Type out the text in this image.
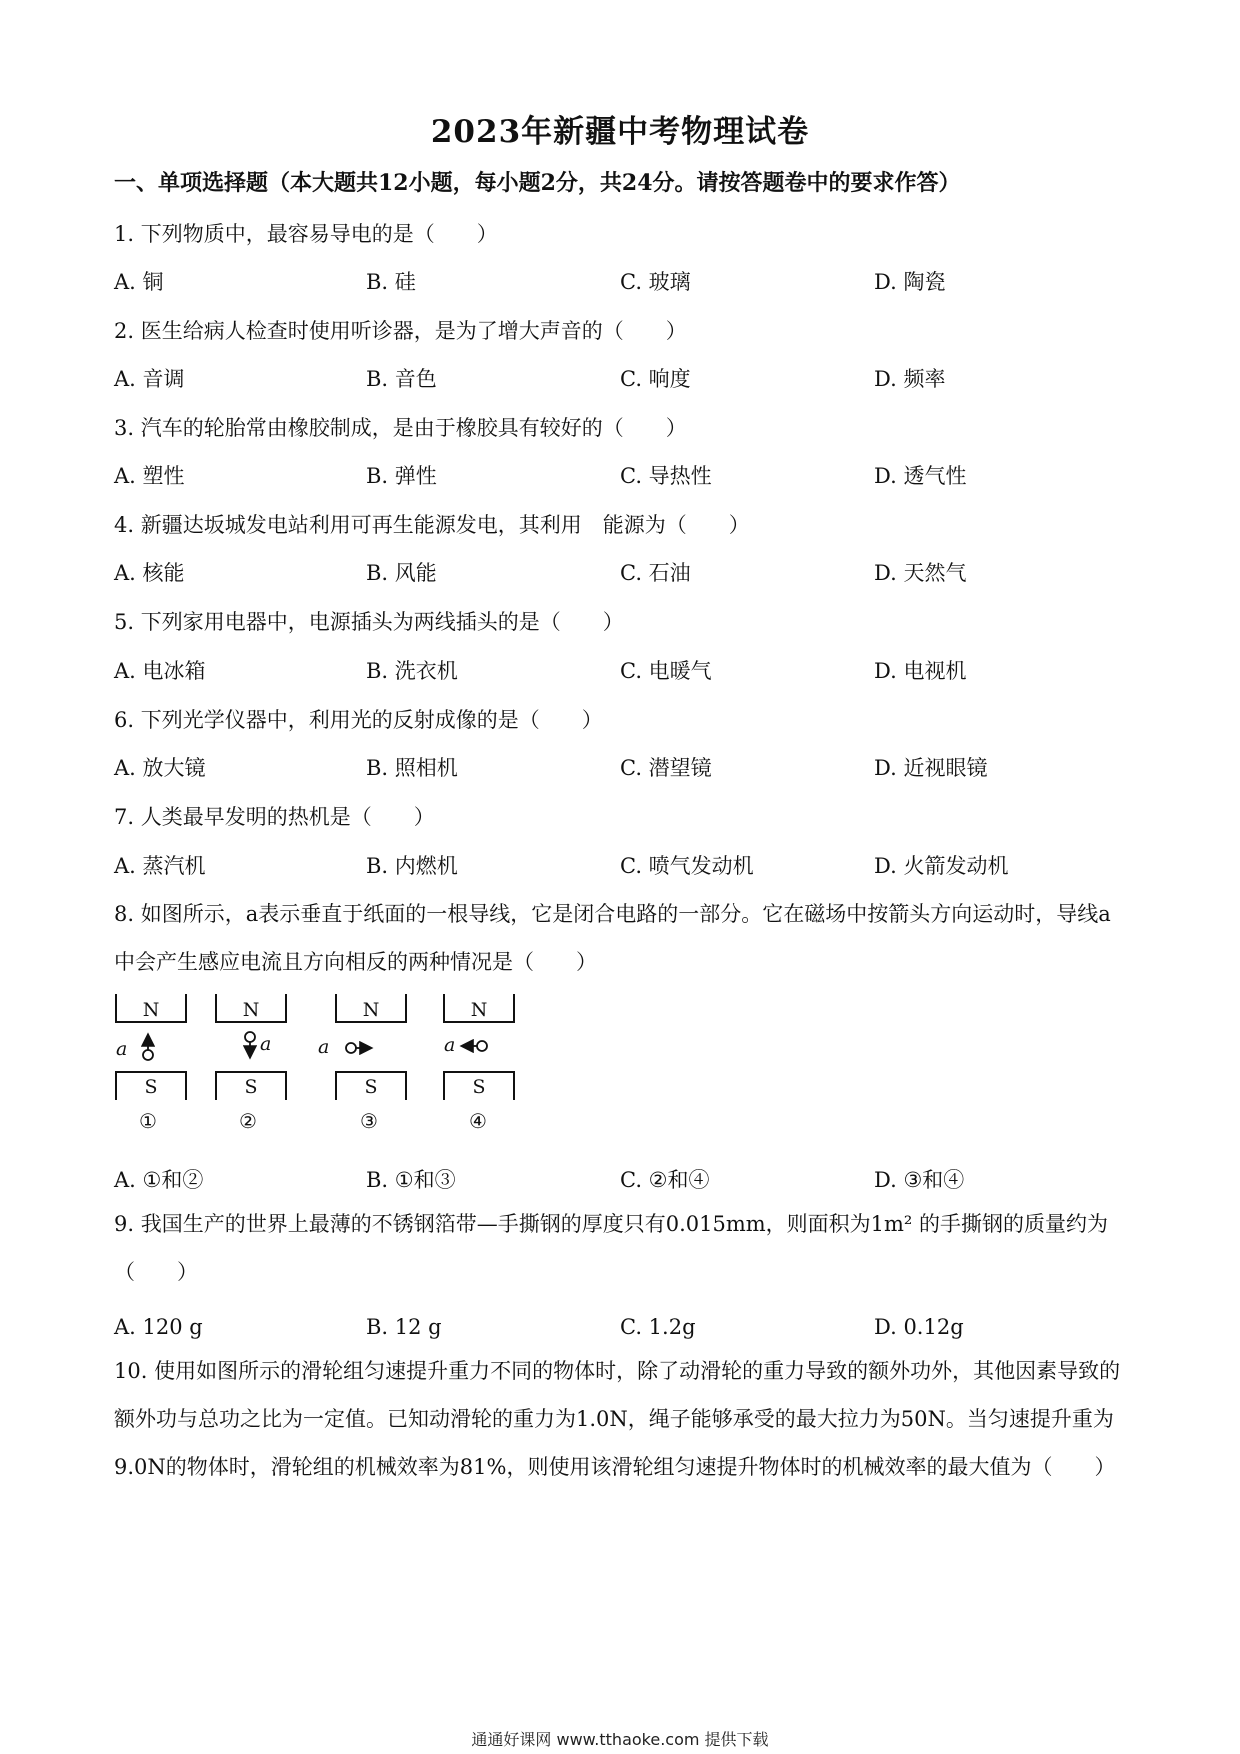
2023年新疆中考物理试卷
一、单项选择题（本大题共12小题，每小题2分，共24分。请按答题卷中的要求作答）
1. 下列物质中，最容易导电的是（　　）
A. 铜	B. 硅	C. 玻璃	D. 陶瓷
2. 医生给病人检查时使用听诊器，是为了增大声音的（　　）
A. 音调	B. 音色	C. 响度	D. 频率
3. 汽车的轮胎常由橡胶制成，是由于橡胶具有较好的（　　）
A. 塑性	B. 弹性	C. 导热性	D. 透气性
4. 新疆达坂城发电站利用可再生能源发电，其利用　能源为（　　）
A. 核能	B. 风能	C. 石油	D. 天然气
5. 下列家用电器中，电源插头为两线插头的是（　　）
A. 电冰箱	B. 洗衣机	C. 电暖气	D. 电视机
6. 下列光学仪器中，利用光的反射成像的是（　　）
A. 放大镜	B. 照相机	C. 潜望镜	D. 近视眼镜
7. 人类最早发明的热机是（　　）
A. 蒸汽机	B. 内燃机	C. 喷气发动机	D. 火箭发动机
8. 如图所示，a表示垂直于纸面的一根导线，它是闭合电路的一部分。它在磁场中按箭头方向运动时，导线a中会产生感应电流且方向相反的两种情况是（　　）
N	N	N	N
S	S	S	S
a	a a	a
①	②	③	④
A. ①和②	B. ①和③	C. ②和④	D. ③和④
9. 我国生产的世界上最薄的不锈钢箔带—手撕钢的厚度只有0.015mm，则面积为1m² 的手撕钢的质量约为（　　）
A. 120 g	B. 12 g	C. 1.2g	D. 0.12g
10. 使用如图所示的滑轮组匀速提升重力不同的物体时，除了动滑轮的重力导致的额外功外，其他因素导致的额外功与总功之比为一定值。已知动滑轮的重力为1.0N，绳子能够承受的最大拉力为50N。当匀速提升重为9.0N的物体时，滑轮组的机械效率为81%，则使用该滑轮组匀速提升物体时的机械效率的最大值为（　　）
通通好课网 www.tthaoke.com 提供下载
